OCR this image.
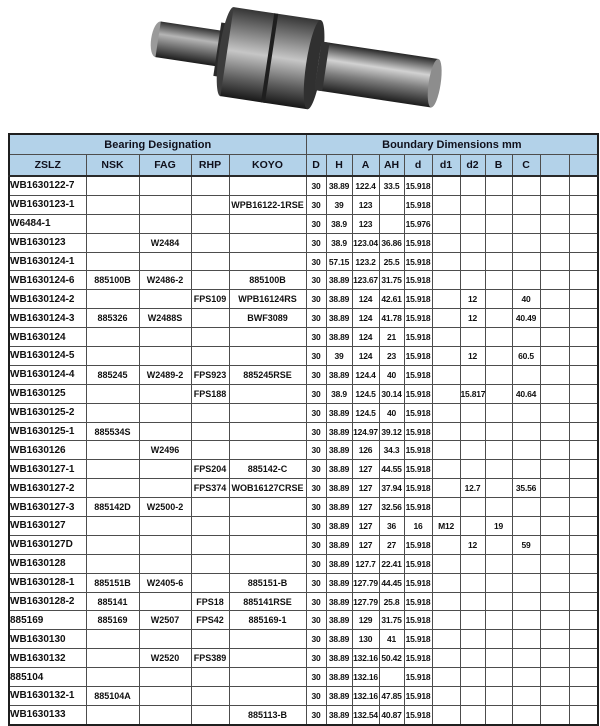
Bearing Designation					Boundary Dimensions mm										
ZSLZ	NSK	FAG	RHP	KOYO	D	H	A	AH	d	d1	d2	B	C		
WB1630122-7					30	38.89	122.4	33.5	15.918						
WB1630123-1				WPB16122-1RSE	30	39	123		15.918						
W6484-1					30	38.9	123		15.976						
WB1630123		W2484			30	38.9	123.04	36.86	15.918						
WB1630124-1					30	57.15	123.2	25.5	15.918						
WB1630124-6	885100B	W2486-2		885100B	30	38.89	123.67	31.75	15.918						
WB1630124-2			FPS109	WPB16124RS	30	38.89	124	42.61	15.918		12		40		
WB1630124-3	885326	W2488S		BWF3089	30	38.89	124	41.78	15.918		12		40.49		
WB1630124					30	38.89	124	21	15.918						
WB1630124-5					30	39	124	23	15.918		12		60.5		
WB1630124-4	885245	W2489-2	FPS923	885245RSE	30	38.89	124.4	40	15.918						
WB1630125			FPS188		30	38.9	124.5	30.14	15.918		15.817		40.64		
WB1630125-2					30	38.89	124.5	40	15.918						
WB1630125-1	885534S				30	38.89	124.97	39.12	15.918						
WB1630126		W2496			30	38.89	126	34.3	15.918						
WB1630127-1			FPS204	885142-C	30	38.89	127	44.55	15.918						
WB1630127-2			FPS374	WOB16127CRSE	30	38.89	127	37.94	15.918		12.7		35.56		
WB1630127-3	885142D	W2500-2			30	38.89	127	32.56	15.918						
WB1630127					30	38.89	127	36	16	M12		19			
WB1630127D					30	38.89	127	27	15.918		12		59		
WB1630128					30	38.89	127.7	22.41	15.918						
WB1630128-1	885151B	W2405-6		885151-B	30	38.89	127.79	44.45	15.918						
WB1630128-2	885141		FPS18	885141RSE	30	38.89	127.79	25.8	15.918						
885169	885169	W2507	FPS42	885169-1	30	38.89	129	31.75	15.918						
WB1630130					30	38.89	130	41	15.918						
WB1630132		W2520	FPS389		30	38.89	132.16	50.42	15.918						
885104					30	38.89	132.16		15.918						
WB1630132-1	885104A				30	38.89	132.16	47.85	15.918						
WB1630133				885113-B	30	38.89	132.54	40.87	15.918						
